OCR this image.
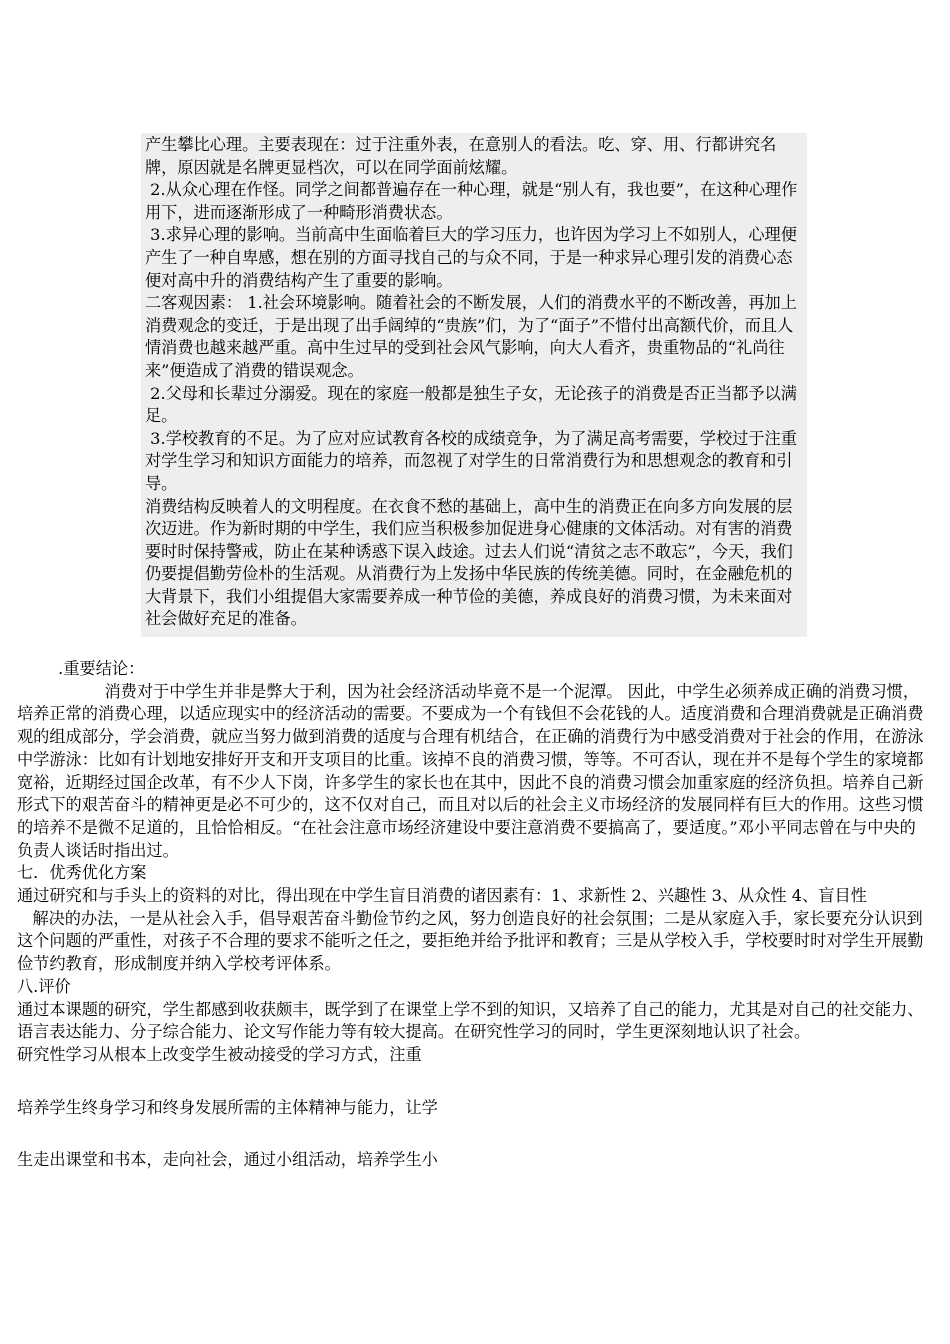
产生攀比心理。主要表现在：过于注重外表，在意别人的看法。吃、穿、用、行都讲究名牌，原因就是名牌更显档次，可以在同学面前炫耀。

2.从众心理在作怪。同学之间都普遍存在一种心理，就是“别人有，我也要”，在这种心理作用下，进而逐渐形成了一种畸形消费状态。

3.求异心理的影响。当前高中生面临着巨大的学习压力，也许因为学习上不如别人，心理便产生了一种自卑感，想在别的方面寻找自己的与众不同，于是一种求异心理引发的消费心态便对高中升的消费结构产生了重要的影响。

二客观因素： 1.社会环境影响。随着社会的不断发展，人们的消费水平的不断改善，再加上消费观念的变迁，于是出现了出手阔绰的“贵族”们，为了“面子”不惜付出高额代价，而且人情消费也越来越严重。高中生过早的受到社会风气影响，向大人看齐，贵重物品的“礼尚往来”便造成了消费的错误观念。

2.父母和长辈过分溺爱。现在的家庭一般都是独生子女，无论孩子的消费是否正当都予以满足。

3.学校教育的不足。为了应对应试教育各校的成绩竞争，为了满足高考需要，学校过于注重对学生学习和知识方面能力的培养，而忽视了对学生的日常消费行为和思想观念的教育和引导。

消费结构反映着人的文明程度。在衣食不愁的基础上，高中生的消费正在向多方向发展的层次迈进。作为新时期的中学生，我们应当积极参加促进身心健康的文体活动。对有害的消费要时时保持警戒，防止在某种诱惑下误入歧途。过去人们说“清贫之志不敢忘”，今天，我们仍要提倡勤劳俭朴的生活观。从消费行为上发扬中华民族的传统美德。同时，在金融危机的大背景下，我们小组提倡大家需要养成一种节俭的美德，养成良好的消费习惯，为未来面对社会做好充足的准备。

.重要结论：

消费对于中学生并非是弊大于利，因为社会经济活动毕竟不是一个泥潭。 因此，中学生必须养成正确的消费习惯，培养正常的消费心理，以适应现实中的经济活动的需要。不要成为一个有钱但不会花钱的人。适度消费和合理消费就是正确消费观的组成部分，学会消费，就应当努力做到消费的适度与合理有机结合，在正确的消费行为中感受消费对于社会的作用，在游泳中学游泳：比如有计划地安排好开支和开支项目的比重。该掉不良的消费习惯，等等。不可否认，现在并不是每个学生的家境都宽裕，近期经过国企改革，有不少人下岗，许多学生的家长也在其中，因此不良的消费习惯会加重家庭的经济负担。培养自己新形式下的艰苦奋斗的精神更是必不可少的，这不仅对自己，而且对以后的社会主义市场经济的发展同样有巨大的作用。这些习惯的培养不是微不足道的，且恰恰相反。“在社会注意市场经济建设中要注意消费不要搞高了，要适度。”邓小平同志曾在与中央的负责人谈话时指出过。

七．优秀优化方案

通过研究和与手头上的资料的对比，得出现在中学生盲目消费的诸因素有：1、求新性 2、兴趣性 3、从众性 4、盲目性

解决的办法，一是从社会入手，倡导艰苦奋斗勤俭节约之风，努力创造良好的社会氛围；二是从家庭入手，家长要充分认识到这个问题的严重性，对孩子不合理的要求不能听之任之，要拒绝并给予批评和教育；三是从学校入手，学校要时时对学生开展勤俭节约教育，形成制度并纳入学校考评体系。

八.评价

通过本课题的研究，学生都感到收获颇丰，既学到了在课堂上学不到的知识，又培养了自己的能力，尤其是对自己的社交能力、语言表达能力、分子综合能力、论文写作能力等有较大提高。在研究性学习的同时，学生更深刻地认识了社会。

研究性学习从根本上改变学生被动接受的学习方式，注重

培养学生终身学习和终身发展所需的主体精神与能力，让学

生走出课堂和书本，走向社会，通过小组活动，培养学生小
